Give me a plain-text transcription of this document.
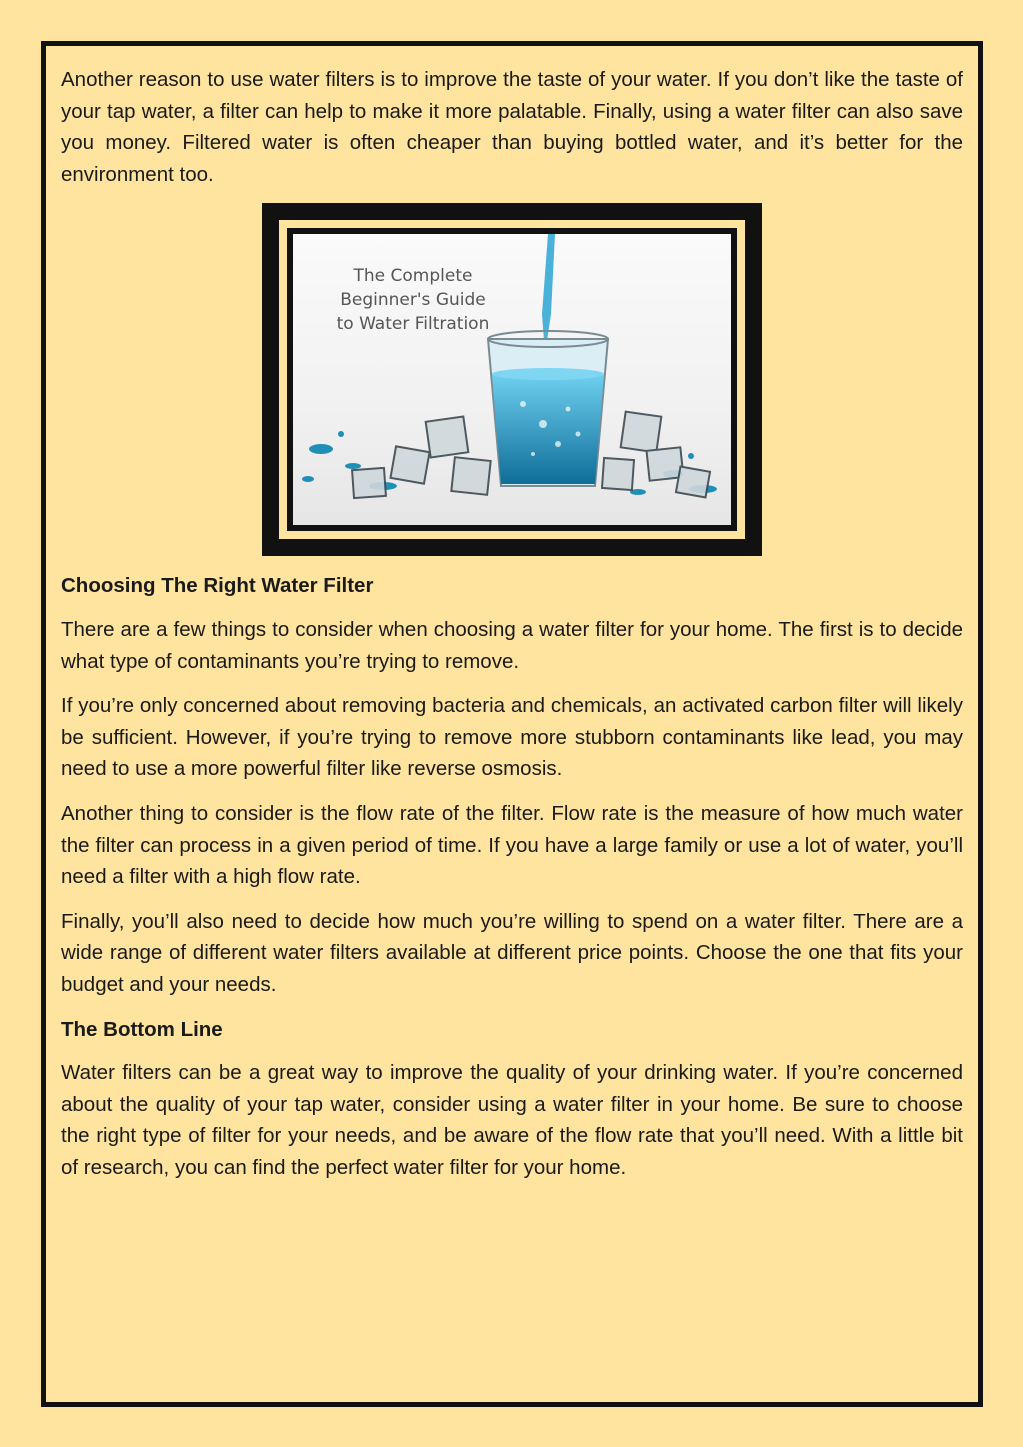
Another reason to use water filters is to improve the taste of your water. If you don’t like the taste of your tap water, a filter can help to make it more palatable. Finally, using a water filter can also save you money. Filtered water is often cheaper than buying bottled water, and it’s better for the environment too.

The Complete
Beginner's Guide
to Water Filtration

Choosing The Right Water Filter

There are a few things to consider when choosing a water filter for your home. The first is to decide what type of contaminants you’re trying to remove.

If you’re only concerned about removing bacteria and chemicals, an activated carbon filter will likely be sufficient. However, if you’re trying to remove more stubborn contaminants like lead, you may need to use a more powerful filter like reverse osmosis.

Another thing to consider is the flow rate of the filter. Flow rate is the measure of how much water the filter can process in a given period of time. If you have a large family or use a lot of water, you’ll need a filter with a high flow rate.

Finally, you’ll also need to decide how much you’re willing to spend on a water filter. There are a wide range of different water filters available at different price points. Choose the one that fits your budget and your needs.

The Bottom Line

Water filters can be a great way to improve the quality of your drinking water. If you’re concerned about the quality of your tap water, consider using a water filter in your home. Be sure to choose the right type of filter for your needs, and be aware of the flow rate that you’ll need. With a little bit of research, you can find the perfect water filter for your home.
